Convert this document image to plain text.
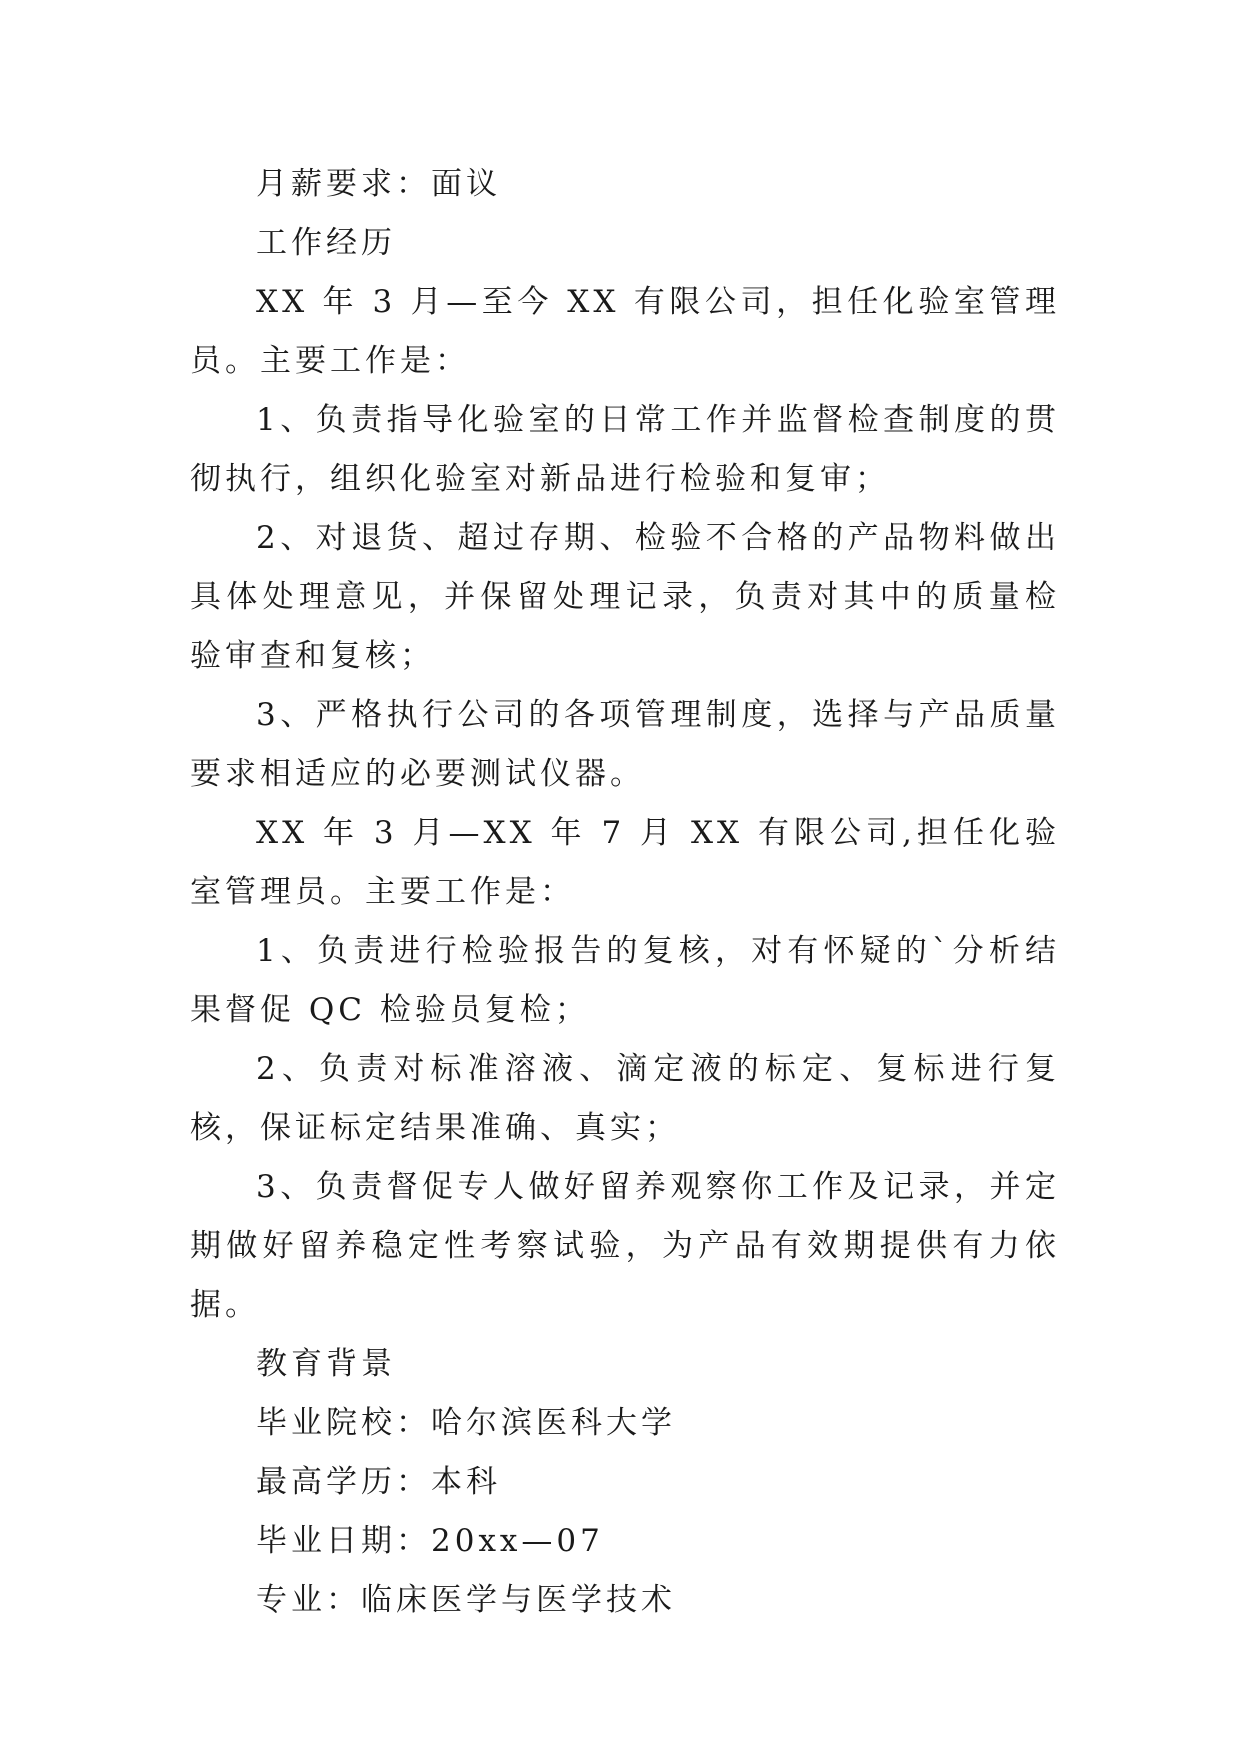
月薪要求：面议

工作经历

XX 年 3 月—至今 XX 有限公司，担任化验室管理员。主要工作是：

1、负责指导化验室的日常工作并监督检查制度的贯彻执行，组织化验室对新品进行检验和复审；

2、对退货、超过存期、检验不合格的产品物料做出具体处理意见，并保留处理记录，负责对其中的质量检验审查和复核；

3、严格执行公司的各项管理制度，选择与产品质量要求相适应的必要测试仪器。

XX 年 3 月—XX 年 7 月 XX 有限公司,担任化验室管理员。主要工作是：

1、负责进行检验报告的复核，对有怀疑的`分析结果督促 QC 检验员复检；

2、负责对标准溶液、滴定液的标定、复标进行复核，保证标定结果准确、真实；

3、负责督促专人做好留养观察你工作及记录，并定期做好留养稳定性考察试验，为产品有效期提供有力依据。

教育背景

毕业院校：哈尔滨医科大学

最高学历：本科

毕业日期：20xx—07

专业：临床医学与医学技术
